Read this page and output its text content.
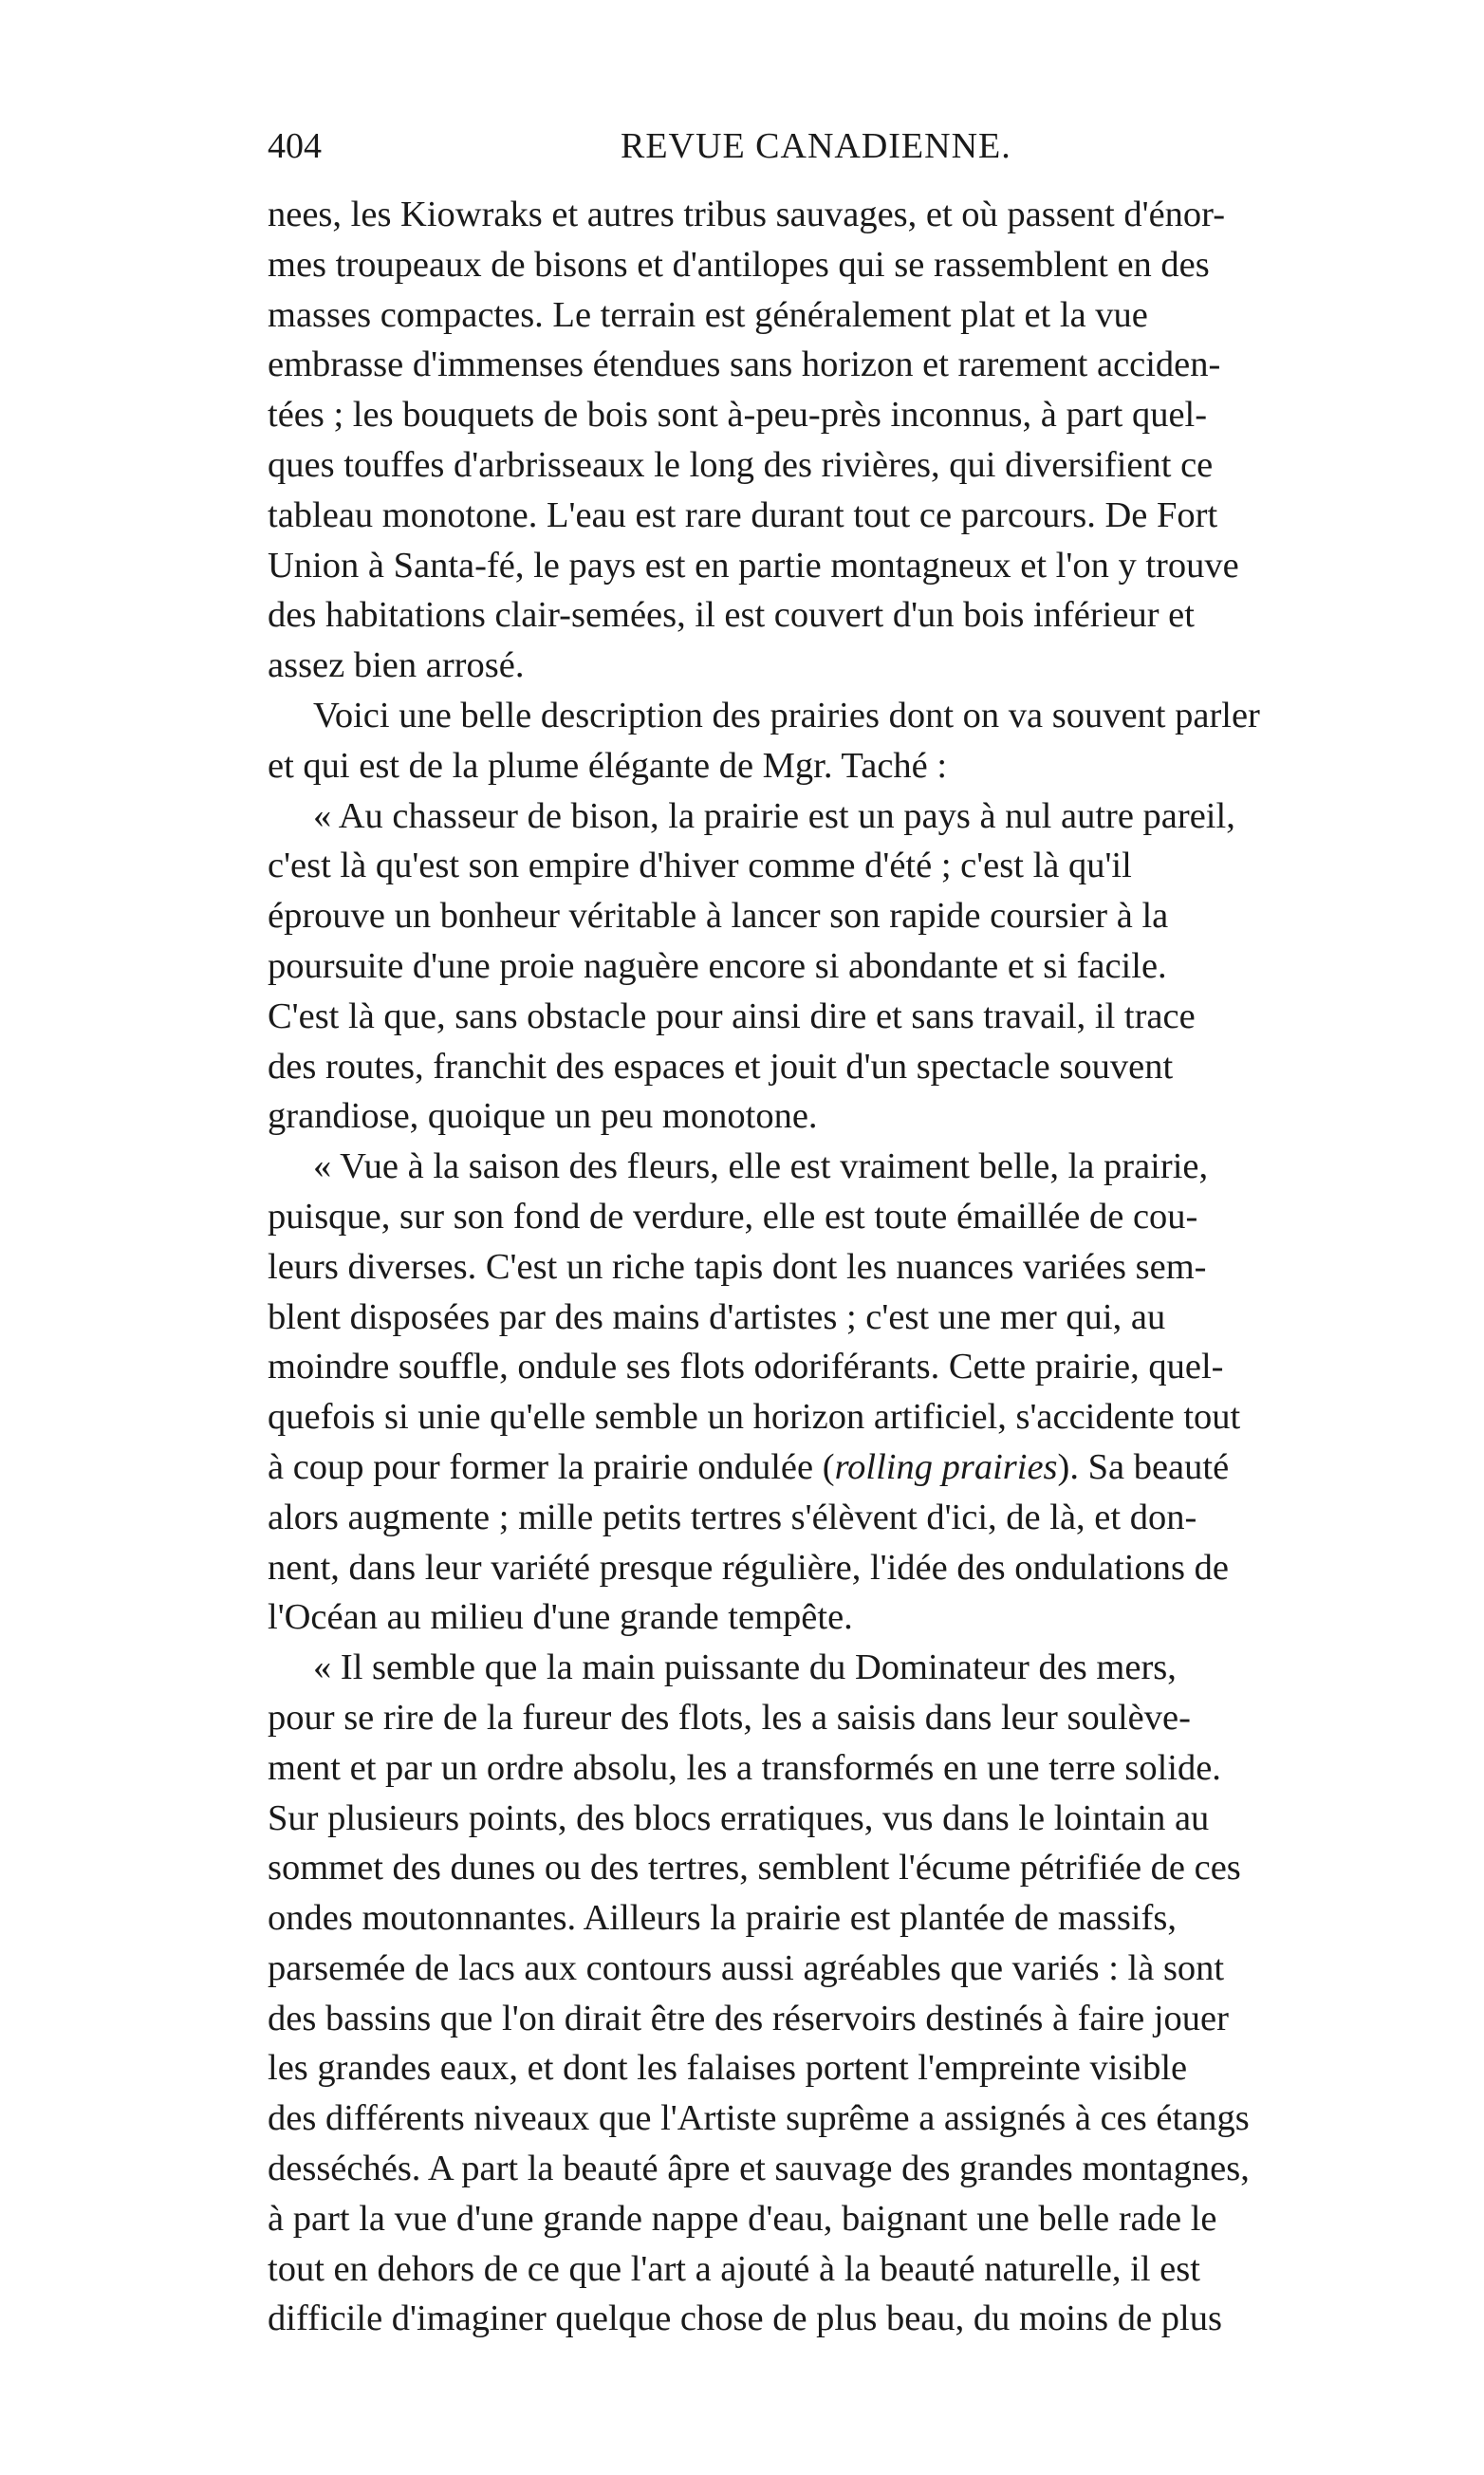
404	REVUE CANADIENNE.
nees, les Kiowraks et autres tribus sauvages, et où passent d'énor-
mes troupeaux de bisons et d'antilopes qui se rassemblent en des
masses compactes. Le terrain est généralement plat et la vue
embrasse d'immenses étendues sans horizon et rarement acciden-
tées ; les bouquets de bois sont à-peu-près inconnus, à part quel-
ques touffes d'arbrisseaux le long des rivières, qui diversifient ce
tableau monotone. L'eau est rare durant tout ce parcours. De Fort
Union à Santa-fé, le pays est en partie montagneux et l'on y trouve
des habitations clair-semées, il est couvert d'un bois inférieur et
assez bien arrosé.
Voici une belle description des prairies dont on va souvent parler
et qui est de la plume élégante de Mgr. Taché :
« Au chasseur de bison, la prairie est un pays à nul autre pareil,
c'est là qu'est son empire d'hiver comme d'été ; c'est là qu'il
éprouve un bonheur véritable à lancer son rapide coursier à la
poursuite d'une proie naguère encore si abondante et si facile.
C'est là que, sans obstacle pour ainsi dire et sans travail, il trace
des routes, franchit des espaces et jouit d'un spectacle souvent
grandiose, quoique un peu monotone.
« Vue à la saison des fleurs, elle est vraiment belle, la prairie,
puisque, sur son fond de verdure, elle est toute émaillée de cou-
leurs diverses. C'est un riche tapis dont les nuances variées sem-
blent disposées par des mains d'artistes ; c'est une mer qui, au
moindre souffle, ondule ses flots odoriférants. Cette prairie, quel-
quefois si unie qu'elle semble un horizon artificiel, s'accidente tout
à coup pour former la prairie ondulée (rolling prairies). Sa beauté
alors augmente ; mille petits tertres s'élèvent d'ici, de là, et don-
nent, dans leur variété presque régulière, l'idée des ondulations de
l'Océan au milieu d'une grande tempête.
« Il semble que la main puissante du Dominateur des mers,
pour se rire de la fureur des flots, les a saisis dans leur soulève-
ment et par un ordre absolu, les a transformés en une terre solide.
Sur plusieurs points, des blocs erratiques, vus dans le lointain au
sommet des dunes ou des tertres, semblent l'écume pétrifiée de ces
ondes moutonnantes. Ailleurs la prairie est plantée de massifs,
parsemée de lacs aux contours aussi agréables que variés : là sont
des bassins que l'on dirait être des réservoirs destinés à faire jouer
les grandes eaux, et dont les falaises portent l'empreinte visible
des différents niveaux que l'Artiste suprême a assignés à ces étangs
desséchés. A part la beauté âpre et sauvage des grandes montagnes,
à part la vue d'une grande nappe d'eau, baignant une belle rade le
tout en dehors de ce que l'art a ajouté à la beauté naturelle, il est
difficile d'imaginer quelque chose de plus beau, du moins de plus
